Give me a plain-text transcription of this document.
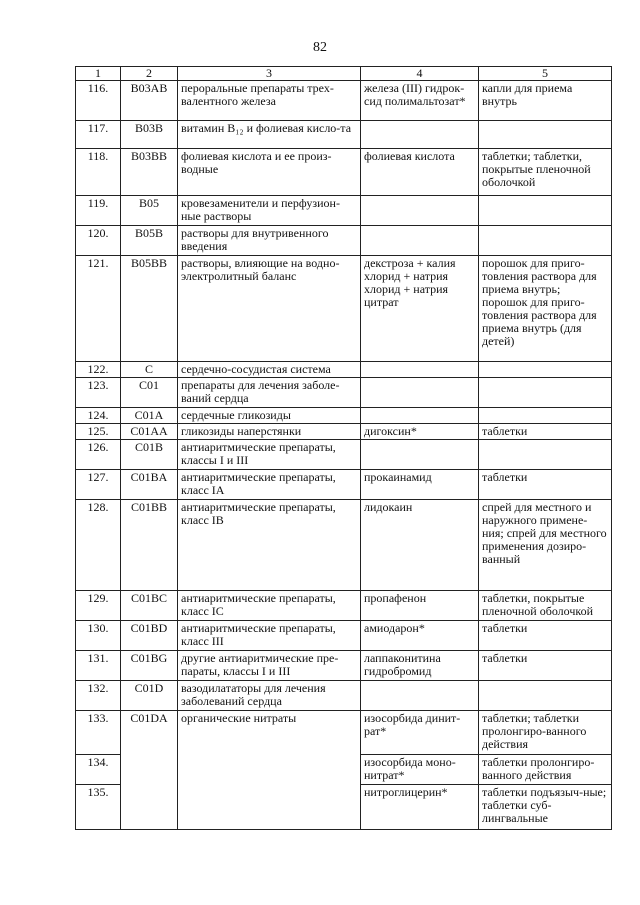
82
1	2	3	4	5
116.	B03AB	пероральные препараты трех-валентного железа	железа (III) гидрок-сид полимальтозат*	капли для приема внутрь
117.	B03B	витамин B₁₂ и фолиевая кисло-та		
118.	B03BB	фолиевая кислота и ее произ-водные	фолиевая кислота	таблетки; таблетки, покрытые пленочной оболочкой
119.	B05	кровезаменители и перфузион-ные растворы		
120.	B05B	растворы для внутривенного введения		
121.	B05BB	растворы, влияющие на водно-электролитный баланс	декстроза + калия хлорид + натрия хлорид + натрия цитрат	порошок для приго-товления раствора для приема внутрь; порошок для приго-товления раствора для приема внутрь (для детей)
122.	C	сердечно-сосудистая система		
123.	C01	препараты для лечения заболе-ваний сердца		
124.	C01A	сердечные гликозиды		
125.	C01AA	гликозиды наперстянки	дигоксин*	таблетки
126.	C01B	антиаритмические препараты, классы I и III		
127.	C01BA	антиаритмические препараты, класс IA	прокаинамид	таблетки
128.	C01BB	антиаритмические препараты, класс IB	лидокаин	спрей для местного и наружного примене-ния; спрей для местного применения дозиро-ванный
129.	C01BC	антиаритмические препараты, класс IC	пропафенон	таблетки, покрытые пленочной оболочкой
130.	C01BD	антиаритмические препараты, класс III	амиодарон*	таблетки
131.	C01BG	другие антиаритмические пре-параты, классы I и III	лаппаконитина гидробромид	таблетки
132.	C01D	вазодилататоры для лечения заболеваний сердца		
133.	C01DA	органические нитраты	изосорбида динит-рат*	таблетки; таблетки пролонгиро-ванного действия
134.			изосорбида моно-нитрат*	таблетки пролонгиро-ванного действия
135.			нитроглицерин*	таблетки подъязыч-ные; таблетки суб-лингвальные
